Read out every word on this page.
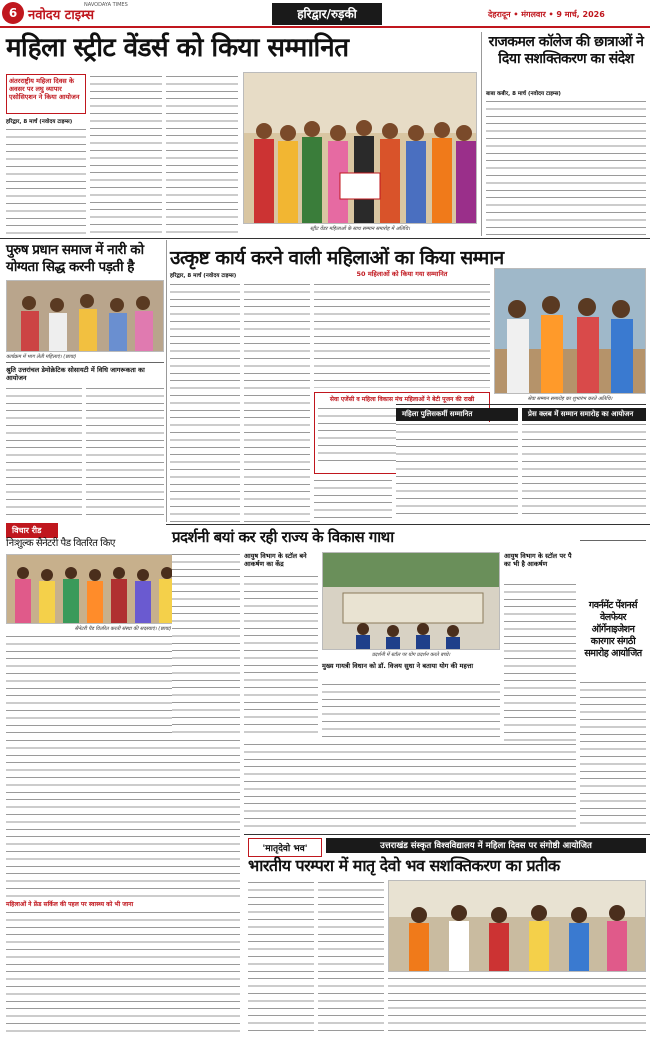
6 नवोदय टाइम्स
NAVODAYA TIMES
हरिद्वार/रुड़की	देहरादून • मंगलवार • 9 मार्च, 2026
महिला स्ट्रीट वेंडर्स को किया सम्मानित	राजकमल कॉलेज की छात्राओं ने दिया सशक्तिकरण का संदेश
अंतरराष्ट्रीय महिला दिवस के अवसर पर लघु व्यापार एसोसिएशन ने किया आयोजन
हरिद्वार, 8 मार्च (नवोदय टाइम्स)
स्ट्रीट वेंडर महिलाओं के साथ सम्मान समारोह में अतिथि।
बाबा कबीर, 8 मार्च (नवोदय टाइम्स)
पुरुष प्रधान समाज में नारी को योग्यता सिद्ध करनी पड़ती है
कार्यक्रम में भाग लेती महिलाएं। (छाया)
श्रुति उत्तरांचल डेमोक्रेटिक सोसायटी में विधि जागरूकता का आयोजन
विचार रीड
निःशुल्क सैनेटरी पैड वितरित किए
सैनेटरी पैड वितरित करती संस्था की सदस्याएं। (छाया)
महिलाओं ने फ्रेंड सर्किल की पहल पर स्वास्थ्य को भी जाना
उत्कृष्ट कार्य करने वाली महिलाओं का किया सम्मान
50 महिलाओं को किया गया सम्मानित
हरिद्वार, 8 मार्च (नवोदय टाइम्स)
सेवा एजेंसी व महिला विकास मंच महिलाओं ने बेटी पूजन की राखी	सेवा सम्मान समारोह का शुभारंभ करते अतिथि।
महिला पुलिसकर्मी सम्मानित	प्रेस क्लब में सम्मान समारोह का आयोजन
प्रदर्शनी बयां कर रही राज्य के विकास गाथा
आयुष विभाग के स्टॉल बने आकर्षण का केंद्र
प्रदर्शनी में स्टॉल पर योग प्रदर्शन करते बच्चे।
मुख्य गायत्री विधान को डॉ. विजय सुधा ने बताया योग की महत्ता
आयुष विभाग के स्टॉल पर पै का भी है आकर्षण
गवर्नमेंट पेंशनर्स वेलफेयर ऑर्गेनाइजेशन कारगार संगठी समारोह आयोजित
'मातृदेवो भव'	उत्तराखंड संस्कृत विश्वविद्यालय में महिला दिवस पर संगोष्ठी आयोजित
भारतीय परम्परा में मातृ देवो भव सशक्तिकरण का प्रतीक
